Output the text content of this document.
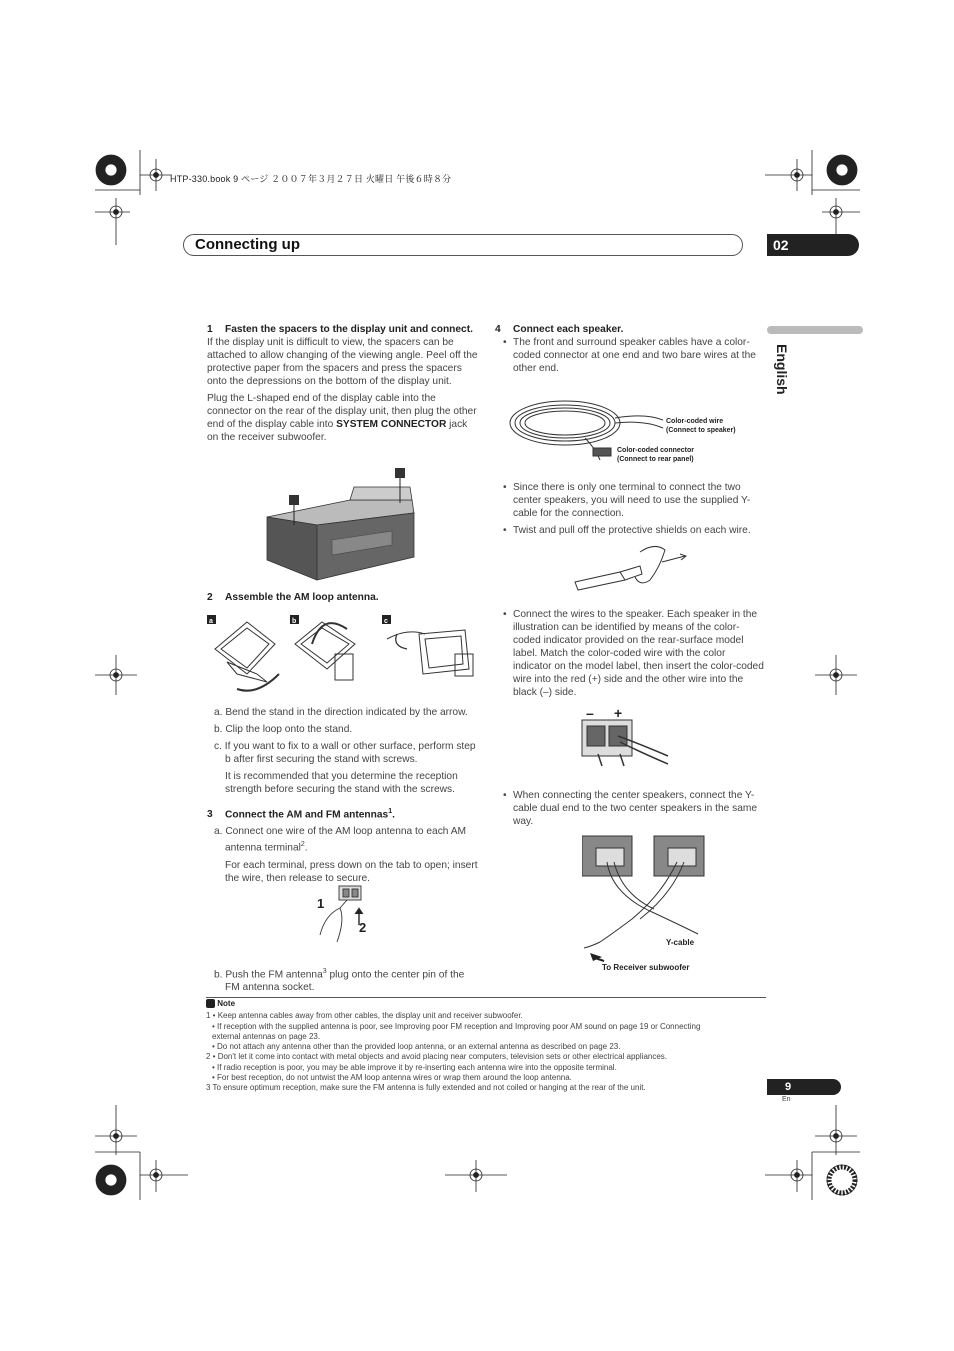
HTP-330.book 9 ページ ２００７年３月２７日 火曜日 午後６時８分
Connecting up	02
English
1 Fasten the spacers to the display unit and connect.

If the display unit is difficult to view, the spacers can be attached to allow changing of the viewing angle. Peel off the protective paper from the spacers and press the spacers onto the depressions on the bottom of the display unit.

Plug the L-shaped end of the display cable into the connector on the rear of the display unit, then plug the other end of the display cable into SYSTEM CONNECTOR jack on the receiver subwoofer.

2 Assemble the AM loop antenna.
a	b	c

a. Bend the stand in the direction indicated by the arrow.

b. Clip the loop onto the stand.

c. If you want to fix to a wall or other surface, perform step b after first securing the stand with screws.

It is recommended that you determine the reception strength before securing the stand with the screws.

3 Connect the AM and FM antennas$^1$.

a. Connect one wire of the AM loop antenna to each AM antenna terminal$^2$.

For each terminal, press down on the tab to open; insert the wire, then release to secure.

1
2

b. Push the FM antenna$^3$ plug onto the center pin of the FM antenna socket.

4 Connect each speaker.

• The front and surround speaker cables have a color-coded connector at one end and two bare wires at the other end.

Color-coded wire
(Connect to speaker)
Color-coded connector
(Connect to rear panel)

• Since there is only one terminal to connect the two center speakers, you will need to use the supplied Y-cable for the connection.

• Twist and pull off the protective shields on each wire.

• Connect the wires to the speaker. Each speaker in the illustration can be identified by means of the color-coded indicator provided on the rear-surface model label. Match the color-coded wire with the color indicator on the model label, then insert the color-coded wire into the red (+) side and the other wire into the black (–) side.

– +

• When connecting the center speakers, connect the Y-cable dual end to the two center speakers in the same way.

Y-cable
To Receiver subwoofer
Note
1 • Keep antenna cables away from other cables, the display unit and receiver subwoofer.
• If reception with the supplied antenna is poor, see Improving poor FM reception and Improving poor AM sound on page 19 or Connecting
external antennas on page 23.
• Do not attach any antenna other than the provided loop antenna, or an external antenna as described on page 23.
2 • Don't let it come into contact with metal objects and avoid placing near computers, television sets or other electrical appliances.
• If radio reception is poor, you may be able improve it by re-inserting each antenna wire into the opposite terminal.
• For best reception, do not untwist the AM loop antenna wires or wrap them around the loop antenna.
3 To ensure optimum reception, make sure the FM antenna is fully extended and not coiled or hanging at the rear of the unit.	9
En
